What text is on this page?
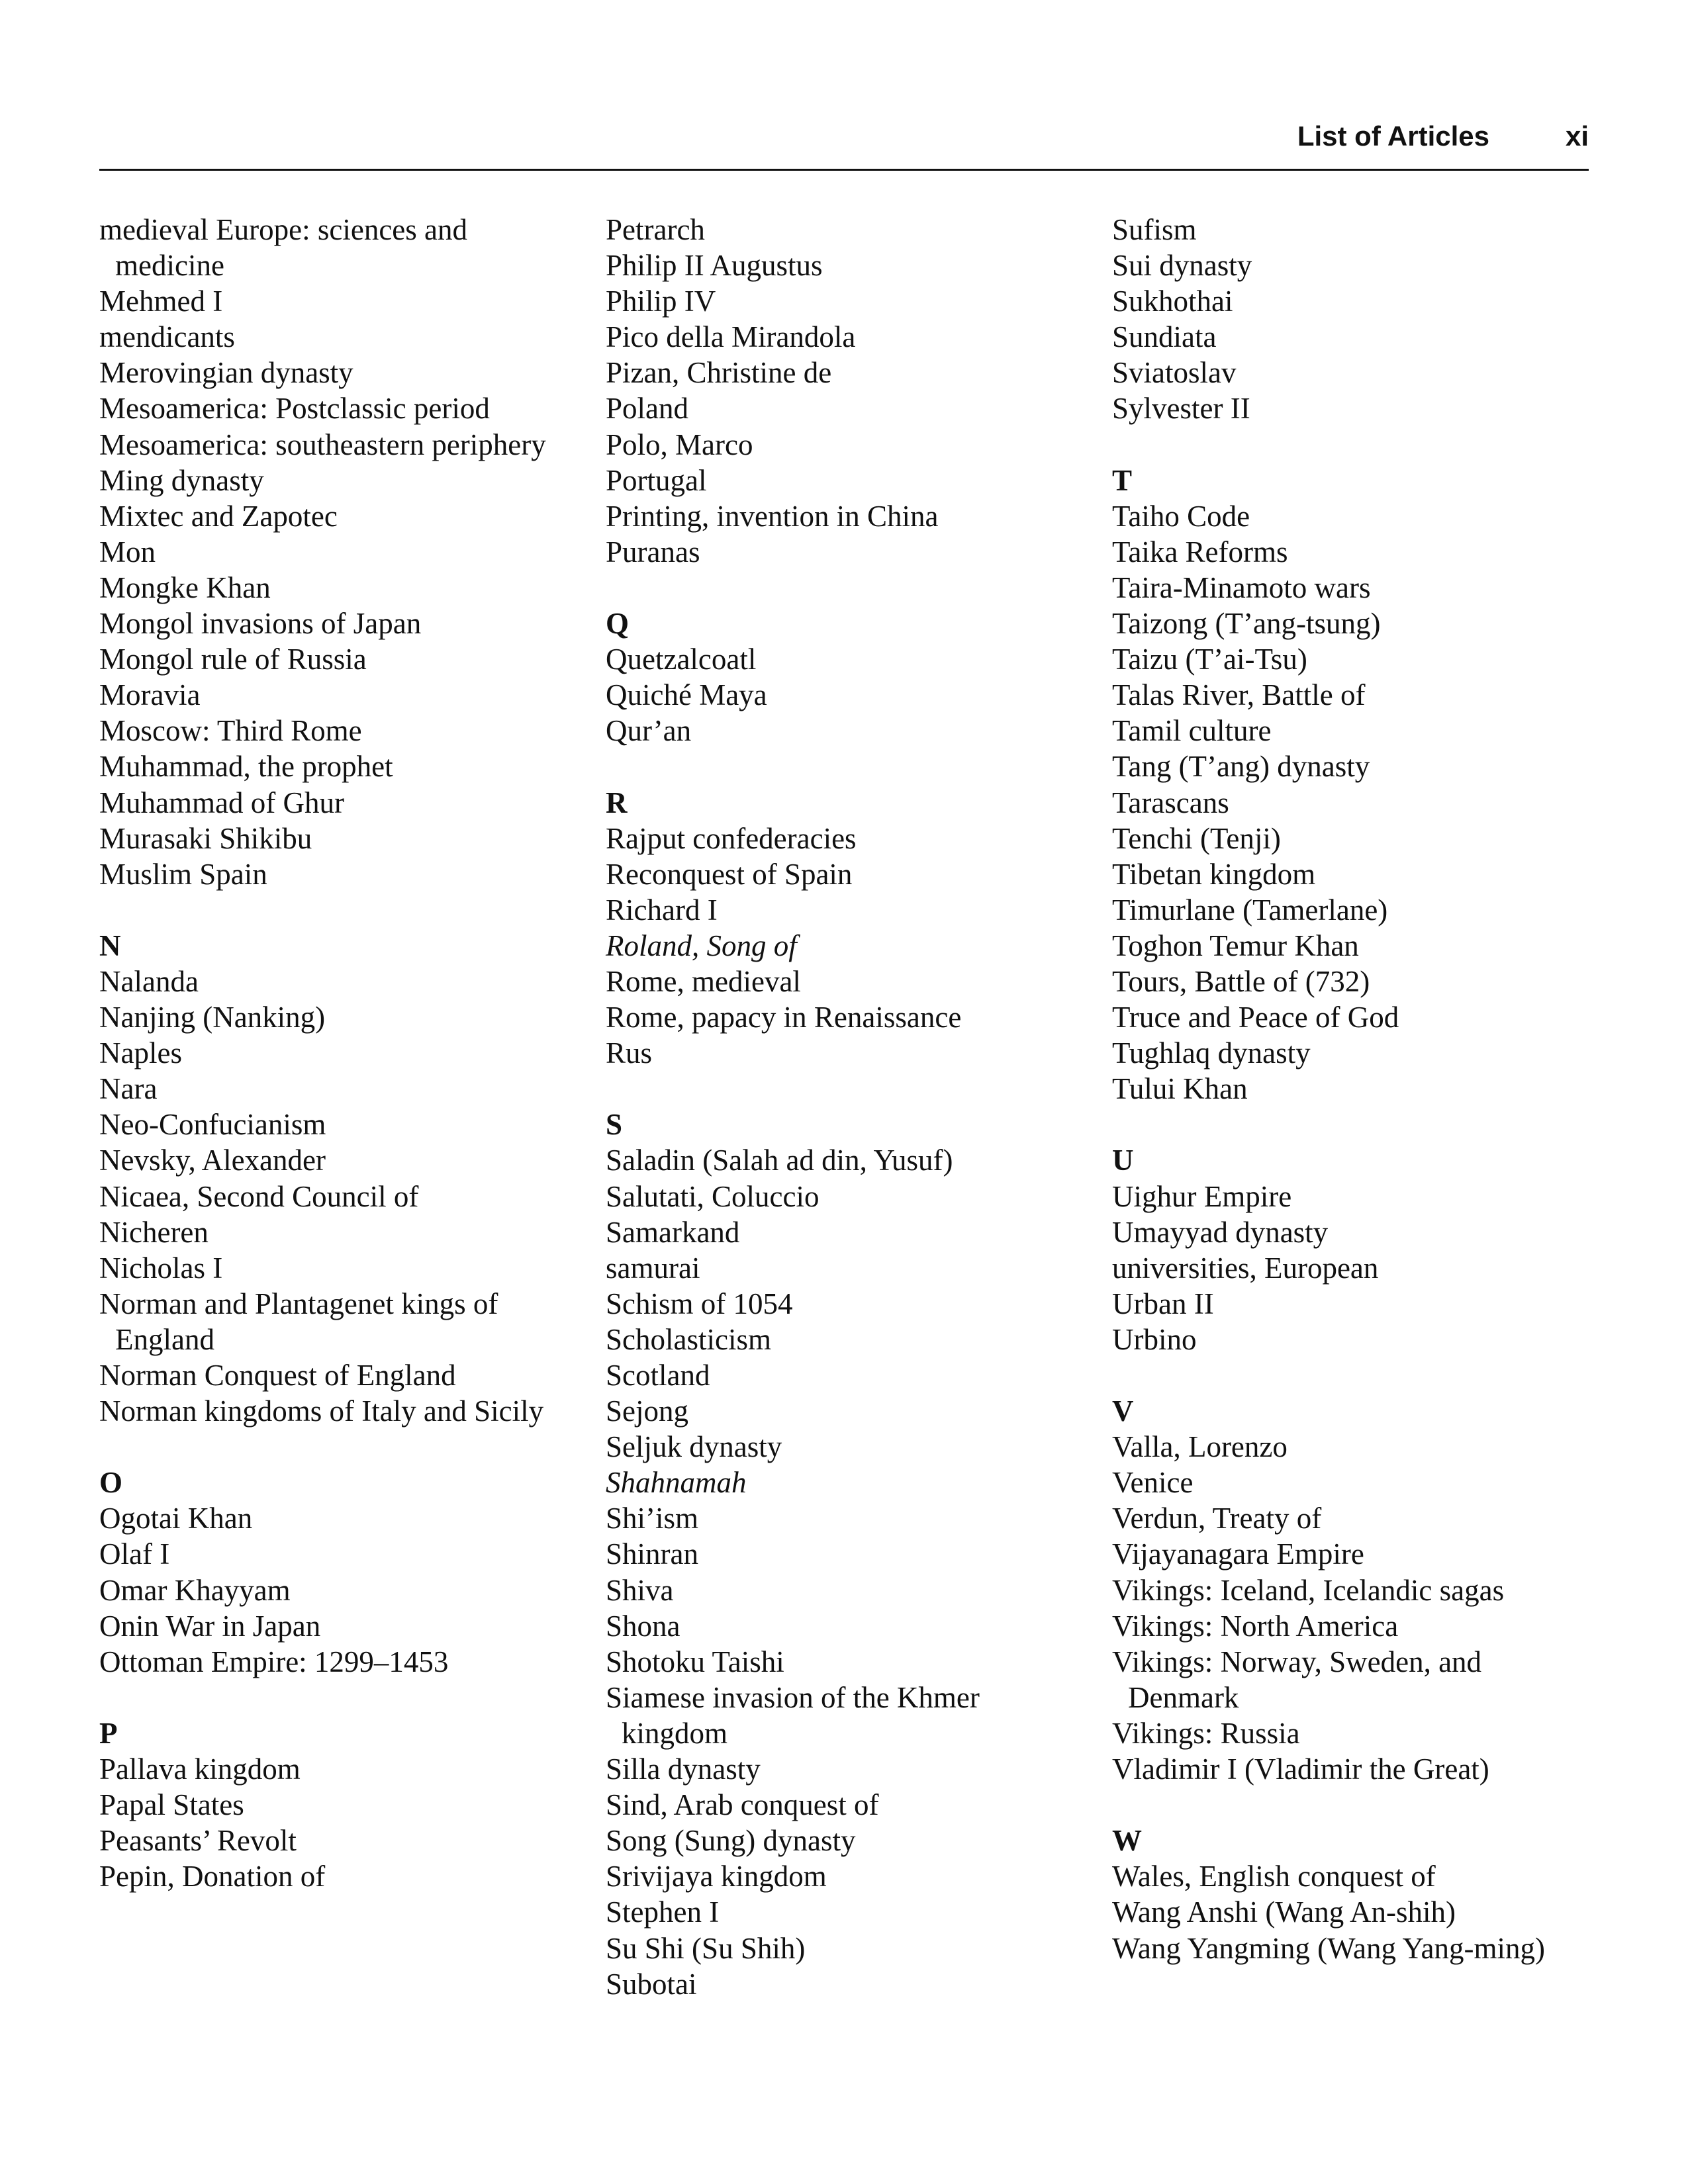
List of Articles	xi
medieval Europe: sciences and medicine
Mehmed I
mendicants
Merovingian dynasty
Mesoamerica: Postclassic period
Mesoamerica: southeastern periphery
Ming dynasty
Mixtec and Zapotec
Mon
Mongke Khan
Mongol invasions of Japan
Mongol rule of Russia
Moravia
Moscow: Third Rome
Muhammad, the prophet
Muhammad of Ghur
Murasaki Shikibu
Muslim Spain
N
Nalanda
Nanjing (Nanking)
Naples
Nara
Neo-Confucianism
Nevsky, Alexander
Nicaea, Second Council of
Nicheren
Nicholas I
Norman and Plantagenet kings of England
Norman Conquest of England
Norman kingdoms of Italy and Sicily
O
Ogotai Khan
Olaf I
Omar Khayyam
Onin War in Japan
Ottoman Empire: 1299–1453
P
Pallava kingdom
Papal States
Peasants’ Revolt
Pepin, Donation of
Petrarch
Philip II Augustus
Philip IV
Pico della Mirandola
Pizan, Christine de
Poland
Polo, Marco
Portugal
Printing, invention in China
Puranas
Q
Quetzalcoatl
Quiché Maya
Qur’an
R
Rajput confederacies
Reconquest of Spain
Richard I
Roland, Song of
Rome, medieval
Rome, papacy in Renaissance
Rus
S
Saladin (Salah ad din, Yusuf)
Salutati, Coluccio
Samarkand
samurai
Schism of 1054
Scholasticism
Scotland
Sejong
Seljuk dynasty
Shahnamah
Shi’ism
Shinran
Shiva
Shona
Shotoku Taishi
Siamese invasion of the Khmer kingdom
Silla dynasty
Sind, Arab conquest of
Song (Sung) dynasty
Srivijaya kingdom
Stephen I
Su Shi (Su Shih)
Subotai
Sufism
Sui dynasty
Sukhothai
Sundiata
Sviatoslav
Sylvester II
T
Taiho Code
Taika Reforms
Taira-Minamoto wars
Taizong (T’ang-tsung)
Taizu (T’ai-Tsu)
Talas River, Battle of
Tamil culture
Tang (T’ang) dynasty
Tarascans
Tenchi (Tenji)
Tibetan kingdom
Timurlane (Tamerlane)
Toghon Temur Khan
Tours, Battle of (732)
Truce and Peace of God
Tughlaq dynasty
Tului Khan
U
Uighur Empire
Umayyad dynasty
universities, European
Urban II
Urbino
V
Valla, Lorenzo
Venice
Verdun, Treaty of
Vijayanagara Empire
Vikings: Iceland, Icelandic sagas
Vikings: North America
Vikings: Norway, Sweden, and Denmark
Vikings: Russia
Vladimir I (Vladimir the Great)
W
Wales, English conquest of
Wang Anshi (Wang An-shih)
Wang Yangming (Wang Yang-ming)
